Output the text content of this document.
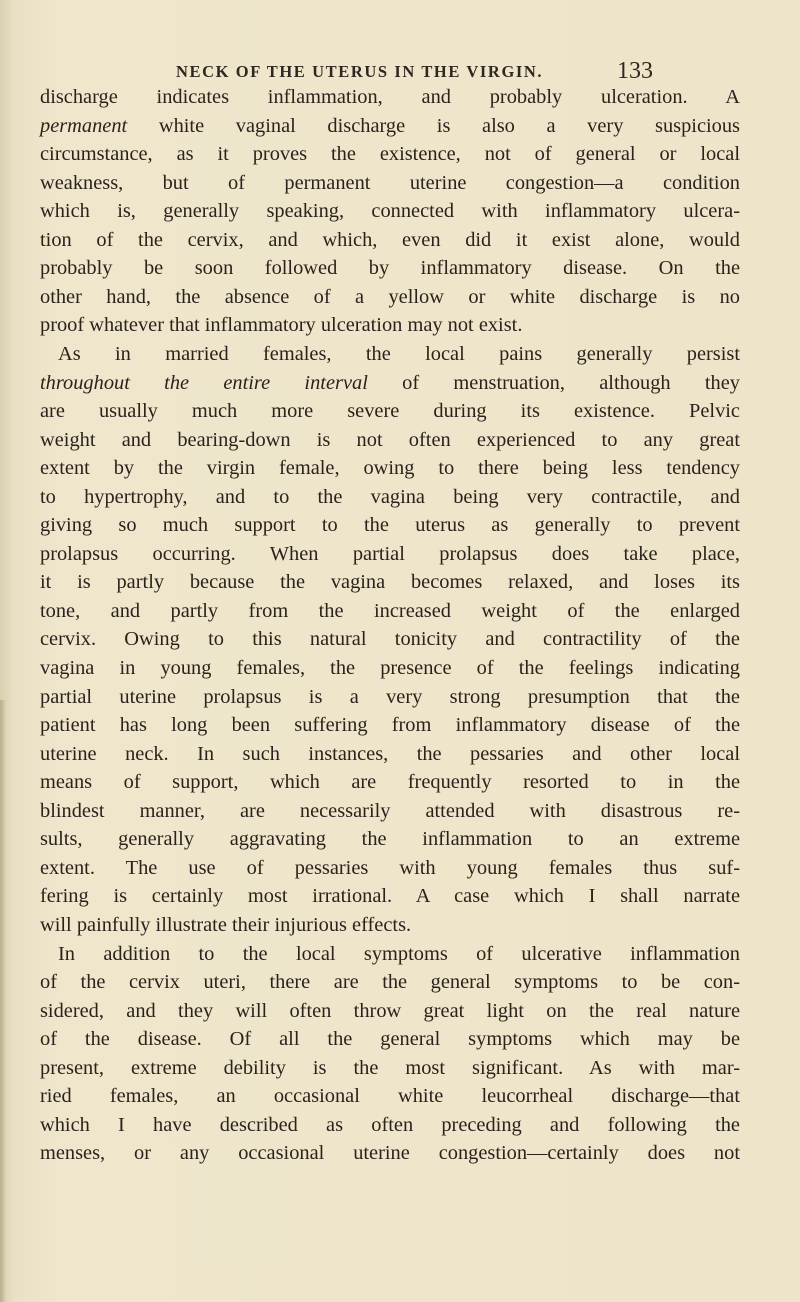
NECK OF THE UTERUS IN THE VIRGIN.	133
discharge indicates inflammation, and probably ulceration. A
permanent white vaginal discharge is also a very suspicious
circumstance, as it proves the existence, not of general or local
weakness, but of permanent uterine congestion—a condition
which is, generally speaking, connected with inflammatory ulcera-
tion of the cervix, and which, even did it exist alone, would
probably be soon followed by inflammatory disease. On the
other hand, the absence of a yellow or white discharge is no
proof whatever that inflammatory ulceration may not exist.
As in married females, the local pains generally persist
throughout the entire interval of menstruation, although they
are usually much more severe during its existence. Pelvic
weight and bearing-down is not often experienced to any great
extent by the virgin female, owing to there being less tendency
to hypertrophy, and to the vagina being very contractile, and
giving so much support to the uterus as generally to prevent
prolapsus occurring. When partial prolapsus does take place,
it is partly because the vagina becomes relaxed, and loses its
tone, and partly from the increased weight of the enlarged
cervix. Owing to this natural tonicity and contractility of the
vagina in young females, the presence of the feelings indicating
partial uterine prolapsus is a very strong presumption that the
patient has long been suffering from inflammatory disease of the
uterine neck. In such instances, the pessaries and other local
means of support, which are frequently resorted to in the
blindest manner, are necessarily attended with disastrous re-
sults, generally aggravating the inflammation to an extreme
extent. The use of pessaries with young females thus suf-
fering is certainly most irrational. A case which I shall narrate
will painfully illustrate their injurious effects.
In addition to the local symptoms of ulcerative inflammation
of the cervix uteri, there are the general symptoms to be con-
sidered, and they will often throw great light on the real nature
of the disease. Of all the general symptoms which may be
present, extreme debility is the most significant. As with mar-
ried females, an occasional white leucorrheal discharge—that
which I have described as often preceding and following the
menses, or any occasional uterine congestion—certainly does not
